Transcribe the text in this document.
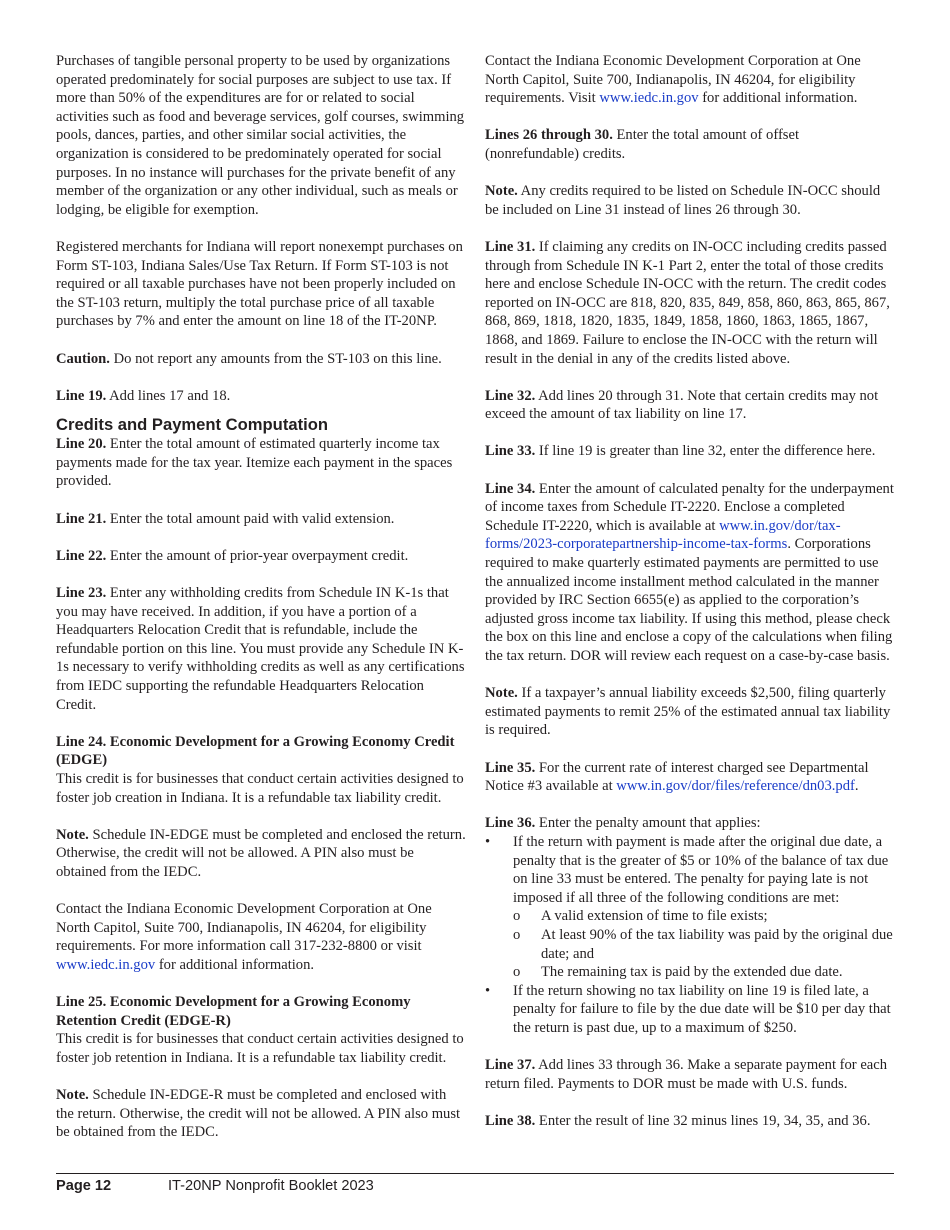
Purchases of tangible personal property to be used by organizations operated predominately for social purposes are subject to use tax. If more than 50% of the expenditures are for or related to social activities such as food and beverage services, golf courses, swimming pools, dances, parties, and other similar social activities, the organization is considered to be predominately operated for social purposes. In no instance will purchases for the private benefit of any member of the organization or any other individual, such as meals or lodging, be eligible for exemption.

Registered merchants for Indiana will report nonexempt purchases on Form ST-103, Indiana Sales/Use Tax Return. If Form ST-103 is not required or all taxable purchases have not been properly included on the ST-103 return, multiply the total purchase price of all taxable purchases by 7% and enter the amount on line 18 of the IT-20NP.

Caution. Do not report any amounts from the ST-103 on this line.

Line 19. Add lines 17 and 18.

Credits and Payment Computation

Line 20. Enter the total amount of estimated quarterly income tax payments made for the tax year. Itemize each payment in the spaces provided.

Line 21. Enter the total amount paid with valid extension.

Line 22. Enter the amount of prior-year overpayment credit.

Line 23. Enter any withholding credits from Schedule IN K-1s that you may have received. In addition, if you have a portion of a Headquarters Relocation Credit that is refundable, include the refundable portion on this line. You must provide any Schedule IN K-1s necessary to verify withholding credits as well as any certifications from IEDC supporting the refundable Headquarters Relocation Credit.

Line 24. Economic Development for a Growing Economy Credit (EDGE)

This credit is for businesses that conduct certain activities designed to foster job creation in Indiana. It is a refundable tax liability credit.

Note. Schedule IN-EDGE must be completed and enclosed the return. Otherwise, the credit will not be allowed. A PIN also must be obtained from the IEDC.

Contact the Indiana Economic Development Corporation at One North Capitol, Suite 700, Indianapolis, IN 46204, for eligibility requirements. For more information call 317-232-8800 or visit www.iedc.in.gov for additional information.

Line 25. Economic Development for a Growing Economy Retention Credit (EDGE-R)

This credit is for businesses that conduct certain activities designed to foster job retention in Indiana. It is a refundable tax liability credit.

Note. Schedule IN-EDGE-R must be completed and enclosed with the return. Otherwise, the credit will not be allowed. A PIN also must be obtained from the IEDC.

Contact the Indiana Economic Development Corporation at One North Capitol, Suite 700, Indianapolis, IN 46204, for eligibility requirements. Visit www.iedc.in.gov for additional information.

Lines 26 through 30. Enter the total amount of offset (nonrefundable) credits.

Note. Any credits required to be listed on Schedule IN-OCC should be included on Line 31 instead of lines 26 through 30.

Line 31. If claiming any credits on IN-OCC including credits passed through from Schedule IN K-1 Part 2, enter the total of those credits here and enclose Schedule IN-OCC with the return. The credit codes reported on IN-OCC are 818, 820, 835, 849, 858, 860, 863, 865, 867, 868, 869, 1818, 1820, 1835, 1849, 1858, 1860, 1863, 1865, 1867, 1868, and 1869. Failure to enclose the IN-OCC with the return will result in the denial in any of the credits listed above.

Line 32. Add lines 20 through 31. Note that certain credits may not exceed the amount of tax liability on line 17.

Line 33. If line 19 is greater than line 32, enter the difference here.

Line 34. Enter the amount of calculated penalty for the underpayment of income taxes from Schedule IT-2220. Enclose a completed Schedule IT-2220, which is available at www.in.gov/dor/tax-forms/2023-corporatepartnership-income-tax-forms. Corporations required to make quarterly estimated payments are permitted to use the annualized income installment method calculated in the manner provided by IRC Section 6655(e) as applied to the corporation’s adjusted gross income tax liability. If using this method, please check the box on this line and enclose a copy of the calculations when filing the tax return. DOR will review each request on a case-by-case basis.

Note. If a taxpayer’s annual liability exceeds $2,500, filing quarterly estimated payments to remit 25% of the estimated annual tax liability is required.

Line 35. For the current rate of interest charged see Departmental Notice #3 available at www.in.gov/dor/files/reference/dn03.pdf.

Line 36. Enter the penalty amount that applies:

• If the return with payment is made after the original due date, a penalty that is the greater of $5 or 10% of the balance of tax due on line 33 must be entered. The penalty for paying late is not imposed if all three of the following conditions are met:
o A valid extension of time to file exists;
o At least 90% of the tax liability was paid by the original due date; and
o The remaining tax is paid by the extended due date.
• If the return showing no tax liability on line 19 is filed late, a penalty for failure to file by the due date will be $10 per day that the return is past due, up to a maximum of $250.

Line 37. Add lines 33 through 36. Make a separate payment for each return filed. Payments to DOR must be made with U.S. funds.

Line 38. Enter the result of line 32 minus lines 19, 34, 35, and 36.

Page 12	IT-20NP Nonprofit Booklet 2023
